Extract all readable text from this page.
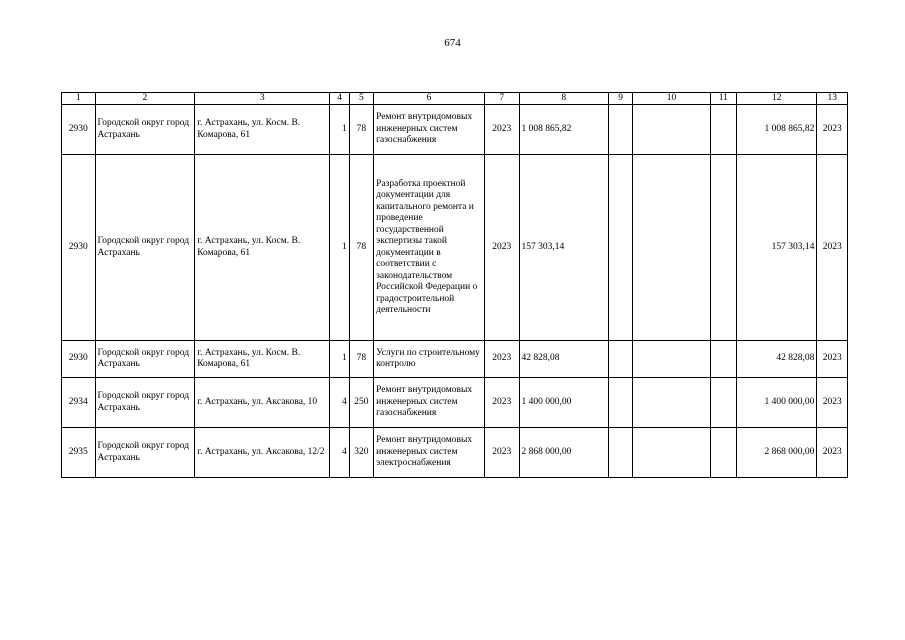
674
1	2	3	4	5	6	7	8	9	10	11	12	13
2930	Городской округ город Астрахань	г. Астрахань, ул. Косм. В. Комарова, 61	1	78	Ремонт внутридомовых инженерных систем газоснабжения	2023	1 008 865,82				1 008 865,82	2023
2930	Городской округ город Астрахань	г. Астрахань, ул. Косм. В. Комарова, 61	1	78	Разработка проектной документации для капитального ремонта и проведение государственной экспертизы такой документации в соответствии с законодательством Российской Федерации о градостроительной деятельности	2023	157 303,14				157 303,14	2023
2930	Городской округ город Астрахань	г. Астрахань, ул. Косм. В. Комарова, 61	1	78	Услуги по строительному контролю	2023	42 828,08				42 828,08	2023
2934	Городской округ город Астрахань	г. Астрахань, ул. Аксакова, 10	4	250	Ремонт внутридомовых инженерных систем газоснабжения	2023	1 400 000,00				1 400 000,00	2023
2935	Городской округ город Астрахань	г. Астрахань, ул. Аксакова, 12/2	4	320	Ремонт внутридомовых инженерных систем электроснабжения	2023	2 868 000,00				2 868 000,00	2023
